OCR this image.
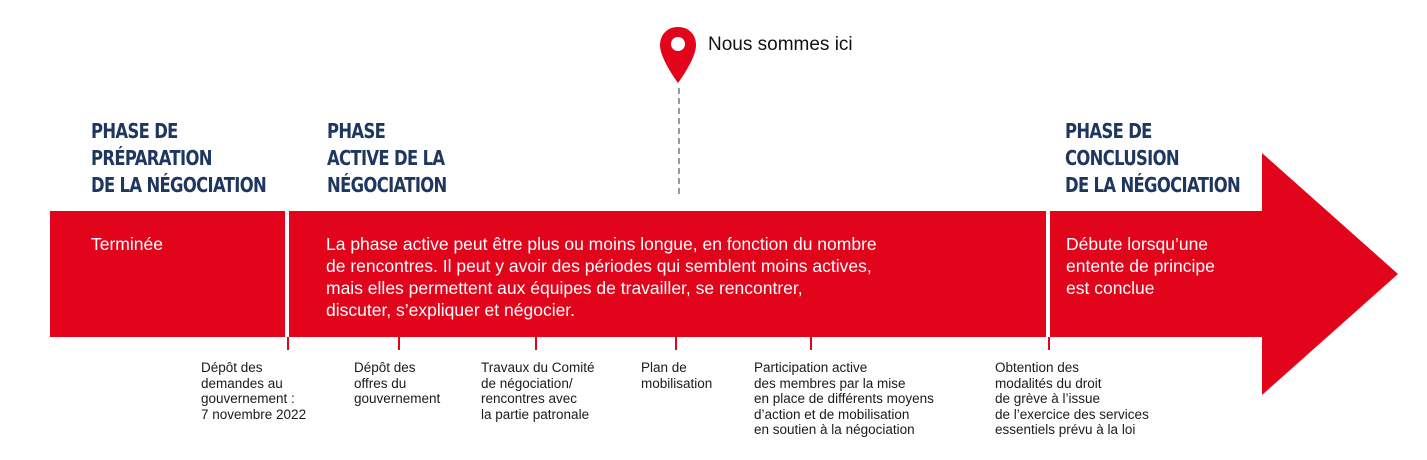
Nous sommes ici
PHASE DE
PRÉPARATION
DE LA NÉGOCIATION
PHASE
ACTIVE DE LA
NÉGOCIATION
PHASE DE
CONCLUSION
DE LA NÉGOCIATION
Terminée	La phase active peut être plus ou moins longue, en fonction du nombre
de rencontres. Il peut y avoir des périodes qui semblent moins actives,
mais elles permettent aux équipes de travailler, se rencontrer,
discuter, s’expliquer et négocier.
Débute lorsqu’une
entente de principe
est conclue
Dépôt des
demandes au
gouvernement :
7 novembre 2022
Dépôt des
offres du
gouvernement
Travaux du Comité
de négociation/
rencontres avec
la partie patronale
Plan de
mobilisation
Participation active
des membres par la mise
en place de différents moyens
d’action et de mobilisation
en soutien à la négociation
Obtention des
modalités du droit
de grève à l’issue
de l’exercice des services
essentiels prévu à la loi
